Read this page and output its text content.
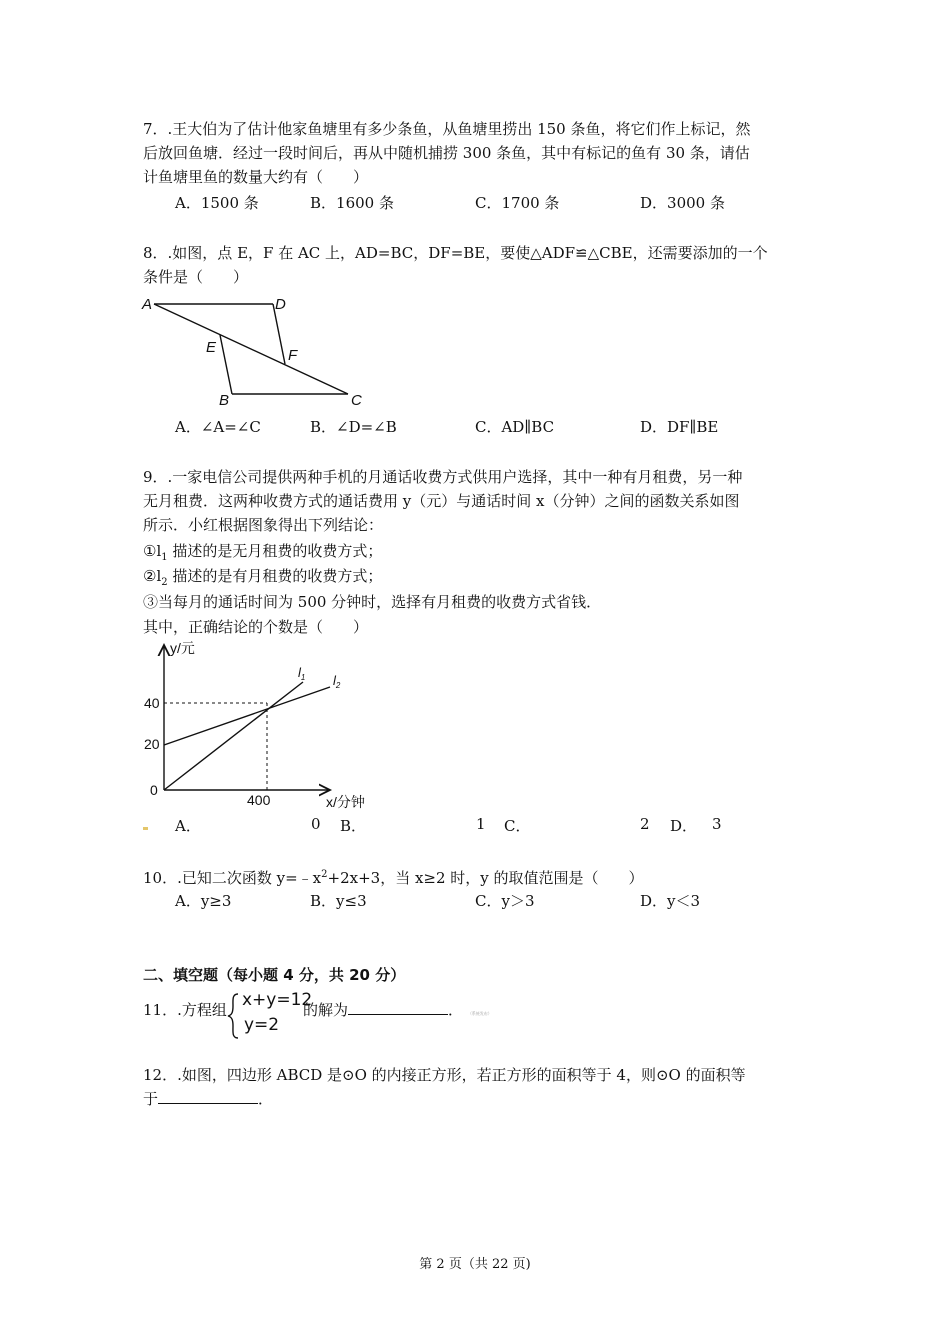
7．.王大伯为了估计他家鱼塘里有多少条鱼，从鱼塘里捞出 150 条鱼，将它们作上标记，然
后放回鱼塘．经过一段时间后，再从中随机捕捞 300 条鱼，其中有标记的鱼有 30 条，请估
计鱼塘里鱼的数量大约有（　　）
A．1500 条	B．1600 条	C．1700 条	D．3000 条
8．.如图，点 E，F 在 AC 上，AD=BC，DF=BE，要使△ADF≌△CBE，还需要添加的一个
条件是（　　）
A	D
E	F
B	C
A．∠A=∠C	B．∠D=∠B	C．AD∥BC	D．DF∥BE
9．.一家电信公司提供两种手机的月通话收费方式供用户选择，其中一种有月租费，另一种
无月租费．这两种收费方式的通话费用 y（元）与通话时间 x（分钟）之间的函数关系如图
所示．小红根据图象得出下列结论：
$①l_1$ 描述的是无月租费的收费方式；
$②l_2$ 描述的是有月租费的收费方式；
③当每月的通话时间为 500 分钟时，选择有月租费的收费方式省钱．
其中，正确结论的个数是（　　）
y/元
x/分钟
40
20
0
400
$l_1$ $l_2$
A．	0 B．	1 C．	2 D． 3
10．.已知二次函数 $y=﹣x^2+2x+3$，当 x≥2 时，y 的取值范围是（　　）
A．y≥3	B．y≤3	C．y＞3	D．y＜3
二、填空题（每小题 4 分，共 20 分）
11．.方程组 x+y=12
y=2
的解为	． （系统发布）
12．.如图，四边形 ABCD 是⊙O 的内接正方形，若正方形的面积等于 4，则⊙O 的面积等
于	．
第 2 页（共 22 页)
